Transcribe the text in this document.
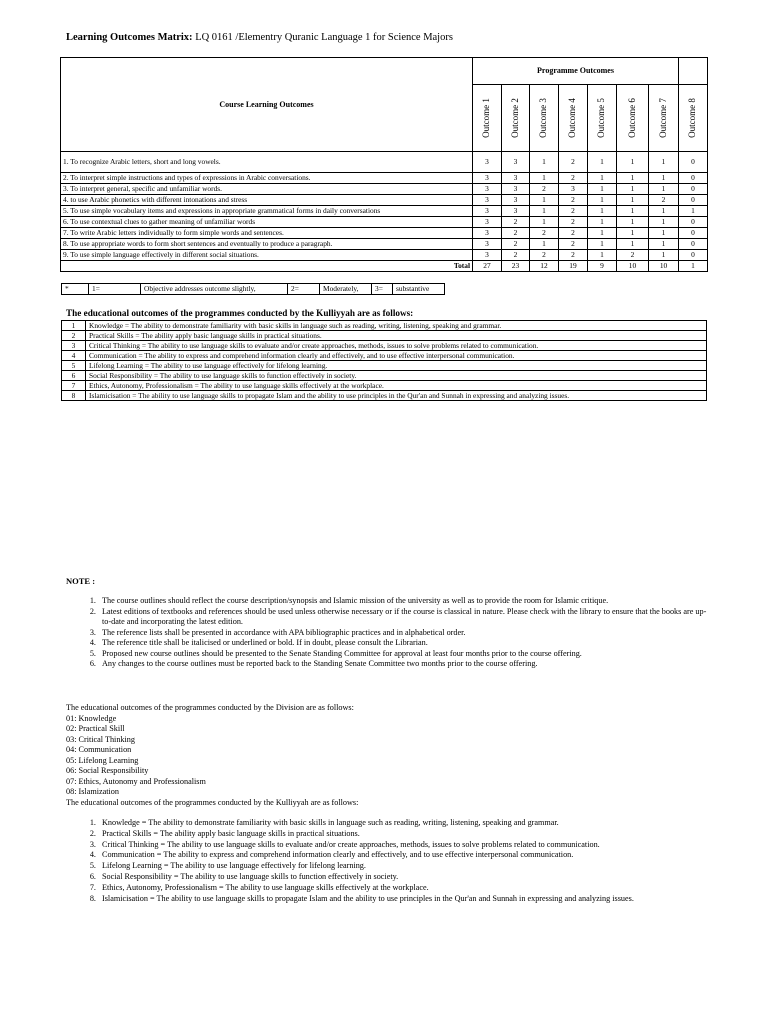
Learning Outcomes Matrix: LQ 0161 /Elementry Quranic Language 1 for Science Majors
Course Learning Outcomes	Programme Outcomes							

	Outcome 1	Outcome 2	Outcome 3	Outcome 4	Outcome 5	Outcome 6	Outcome 7	Outcome 8

1. To recognize Arabic letters, short and long vowels.	3	3	1	2	1	1	1	0
2. To interpret simple instructions and types of expressions in Arabic conversations.	3	3	1	2	1	1	1	0
3. To interpret general, specific and unfamiliar words.	3	3	2	3	1	1	1	0
4. to use Arabic phonetics with different intonations and stress	3	3	1	2	1	1	2	0
5. To use simple vocabulary items and expressions in appropriate grammatical forms in daily conversations	3	3	1	2	1	1	1	1
6. To use contextual clues to gather meaning of unfamiliar words	3	2	1	2	1	1	1	0
7. To write Arabic letters individually to form simple words and sentences.	3	2	2	2	1	1	1	0
8. To use appropriate words to form short sentences and eventually to produce a paragraph.	3	2	1	2	1	1	1	0
9. To use simple language effectively in different social situations.	3	2	2	2	1	2	1	0
Total	27	23	12	19	9	10	10	1
*	1=	Objective addresses outcome slightly,	2=	Moderately,	3=	substantive
The educational outcomes of the programmes conducted by the Kulliyyah are as follows:
1	Knowledge = The ability to demonstrate familiarity with basic skills in language such as reading, writing, listening, speaking and grammar.
2	Practical Skills = The ability apply basic language skills in practical situations.
3	Critical Thinking = The ability to use language skills to evaluate and/or create approaches, methods, issues to solve problems related to communication.
4	Communication = The ability to express and comprehend information clearly and effectively, and to use effective interpersonal communication.
5	Lifelong Learning = The ability to use language effectively for lifelong learning.
6	Social Responsibility = The ability to use language skills to function effectively in society.
7	Ethics, Autonomy, Professionalism = The ability to use language skills effectively at the workplace.
8	Islamicisation = The ability to use language skills to propagate Islam and the ability to use principles in the Qur'an and Sunnah in expressing and analyzing issues.
NOTE :
1. The course outlines should reflect the course description/synopsis and Islamic mission of the university as well as to provide the room for Islamic critique.
2. Latest editions of textbooks and references should be used unless otherwise necessary or if the course is classical in nature. Please check with the library to ensure that the books are up-to-date and incorporating the latest edition.
3. The reference lists shall be presented in accordance with APA bibliographic practices and in alphabetical order.
4. The reference title shall be italicised or underlined or bold. If in doubt, please consult the Librarian.
5. Proposed new course outlines should be presented to the Senate Standing Committee for approval at least four months prior to the course offering.
6. Any changes to the course outlines must be reported back to the Standing Senate Committee two months prior to the course offering.
The educational outcomes of the programmes conducted by the Division are as follows:
01: Knowledge
02: Practical Skill
03: Critical Thinking
04: Communication
05: Lifelong Learning
06: Social Responsibility
07: Ethics, Autonomy and Professionalism
08: Islamization
The educational outcomes of the programmes conducted by the Kulliyyah are as follows:
1. Knowledge = The ability to demonstrate familiarity with basic skills in language such as reading, writing, listening, speaking and grammar.
2. Practical Skills = The ability apply basic language skills in practical situations.
3. Critical Thinking = The ability to use language skills to evaluate and/or create approaches, methods, issues to solve problems related to communication.
4. Communication = The ability to express and comprehend information clearly and effectively, and to use effective interpersonal communication.
5. Lifelong Learning = The ability to use language effectively for lifelong learning.
6. Social Responsibility = The ability to use language skills to function effectively in society.
7. Ethics, Autonomy, Professionalism = The ability to use language skills effectively at the workplace.
8. Islamicisation = The ability to use language skills to propagate Islam and the ability to use principles in the Qur'an and Sunnah in expressing and analyzing issues.
